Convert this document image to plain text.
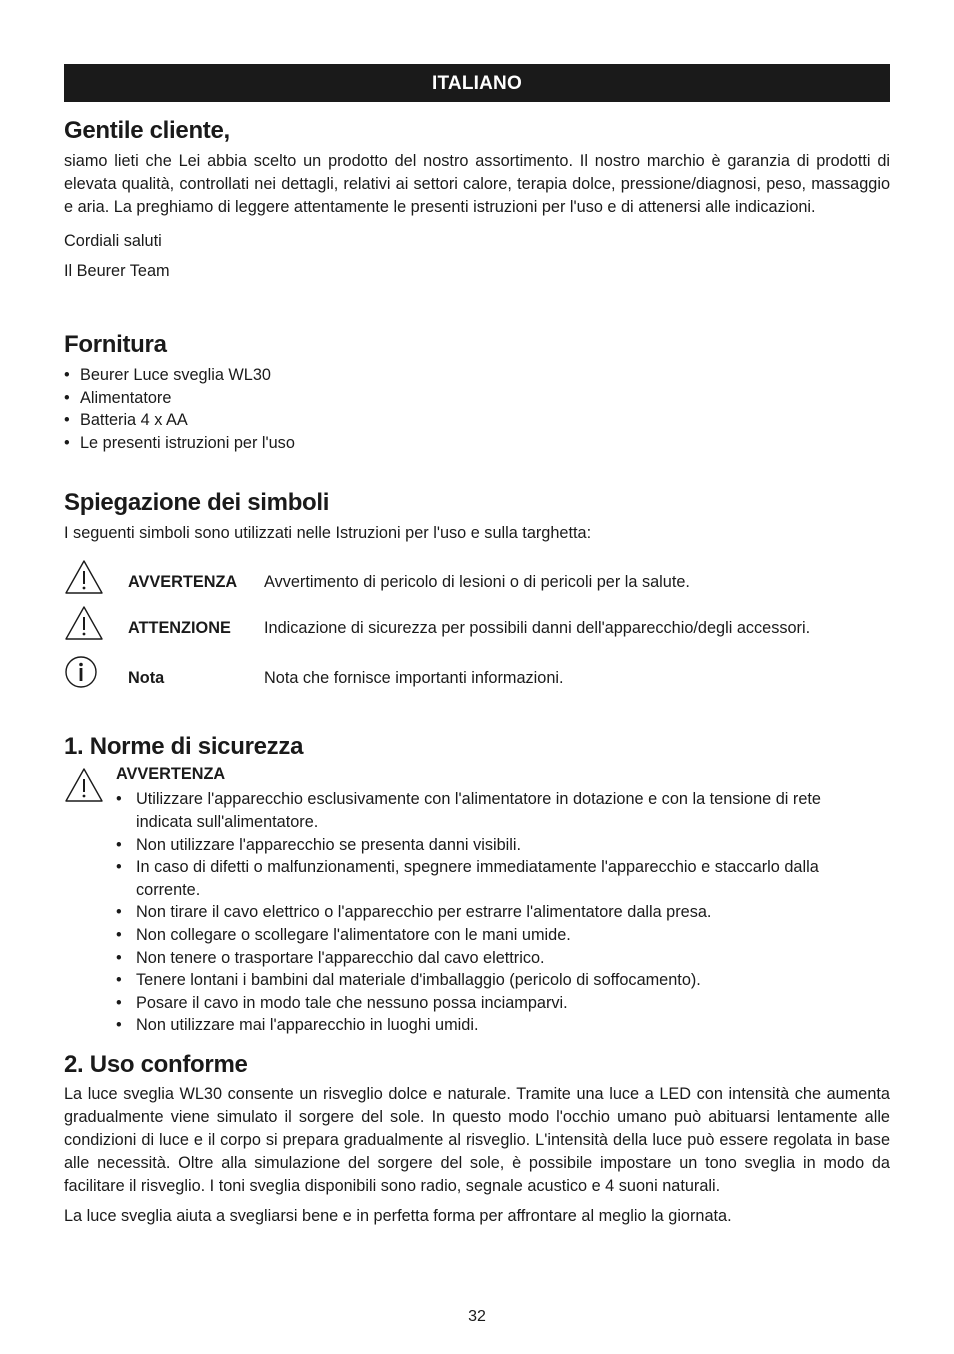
ITALIANO
Gentile cliente,

siamo lieti che Lei abbia scelto un prodotto del nostro assortimento. Il nostro marchio è garanzia di prodotti di elevata qualità, controllati nei dettagli, relativi ai settori calore, terapia dolce, pressione/diagnosi, peso, massaggio e aria. La preghiamo di leggere attentamente le presenti istruzioni per l'uso e di attenersi alle indicazioni.

Cordiali saluti

Il Beurer Team

Fornitura
• Beurer Luce sveglia WL30
• Alimentatore
• Batteria 4 x AA
• Le presenti istruzioni per l'uso
Spiegazione dei simboli

I seguenti simboli sono utilizzati nelle Istruzioni per l'uso e sulla targhetta:

AVVERTENZA Avvertimento di pericolo di lesioni o di pericoli per la salute.
ATTENZIONE Indicazione di sicurezza per possibili danni dell'apparecchio/degli accessori.
Nota	Nota che fornisce importanti informazioni.
1. Norme di sicurezza
AVVERTENZA
• Utilizzare l'apparecchio esclusivamente con l'alimentatore in dotazione e con la tensione di rete indicata sull'alimentatore.
• Non utilizzare l'apparecchio se presenta danni visibili.
• In caso di difetti o malfunzionamenti, spegnere immediatamente l'apparecchio e staccarlo dalla corrente.
• Non tirare il cavo elettrico o l'apparecchio per estrarre l'alimentatore dalla presa.
• Non collegare o scollegare l'alimentatore con le mani umide.
• Non tenere o trasportare l'apparecchio dal cavo elettrico.
• Tenere lontani i bambini dal materiale d'imballaggio (pericolo di soffocamento).
• Posare il cavo in modo tale che nessuno possa inciamparvi.
• Non utilizzare mai l'apparecchio in luoghi umidi.
2. Uso conforme

La luce sveglia WL30 consente un risveglio dolce e naturale. Tramite una luce a LED con intensità che aumenta gradualmente viene simulato il sorgere del sole. In questo modo l'occhio umano può abituarsi lentamente alle condizioni di luce e il corpo si prepara gradualmente al risveglio. L'intensità della luce può essere regolata in base alle necessità. Oltre alla simulazione del sorgere del sole, è possibile impostare un tono sveglia in modo da facilitare il risveglio. I toni sveglia disponibili sono radio, segnale acustico e 4 suoni naturali.

La luce sveglia aiuta a svegliarsi bene e in perfetta forma per affrontare al meglio la giornata.

32
